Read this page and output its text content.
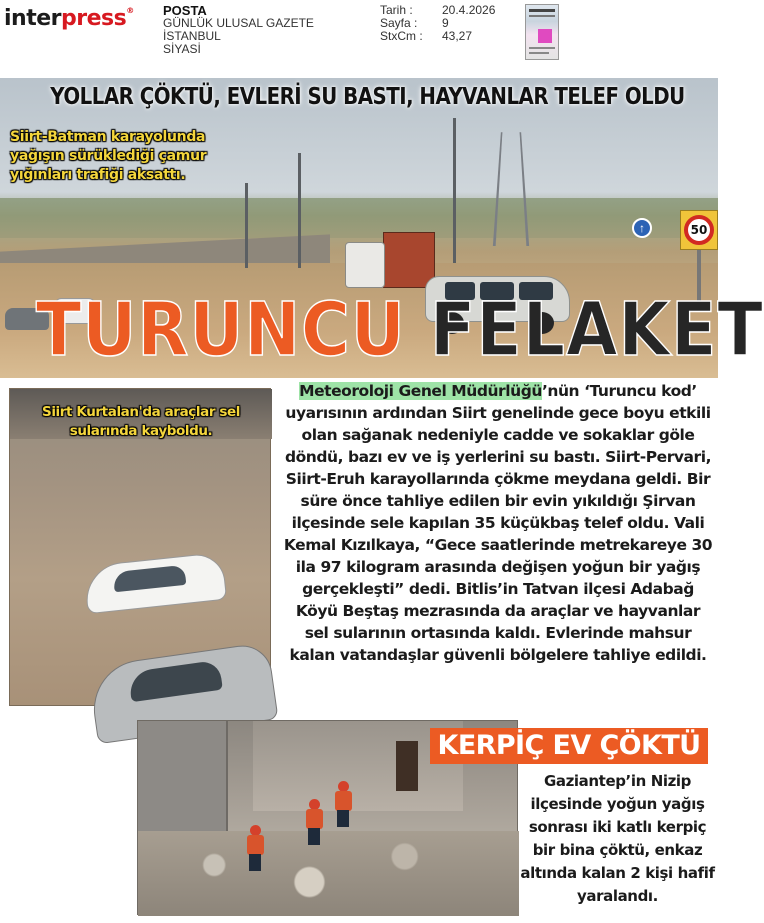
interpress® POSTA
GÜNLÜK ULUSAL GAZETE
İSTANBUL
SİYASİ
Tarih :	20.4.2026
Sayfa :	9
StxCm :	43,27
↑	50
YOLLAR ÇÖKTÜ, EVLERİ SU BASTI, HAYVANLAR TELEF OLDU
Siirt-Batman karayolunda yağışın sürüklediği çamur yığınları trafiği aksattı.
TURUNCU FELAKET
Siirt Kurtalan'da araçlar sel sularında kayboldu.
Meteoroloji Genel Müdürlüğü’nün ‘Turuncu kod’ uyarısının ardından Siirt genelinde gece boyu etkili olan sağanak nedeniyle cadde ve sokaklar göle döndü, bazı ev ve iş yerlerini su bastı. Siirt-Pervari, Siirt-Eruh karayollarında çökme meydana geldi. Bir süre önce tahliye edilen bir evin yıkıldığı Şirvan ilçesinde sele kapılan 35 küçükbaş telef oldu. Vali Kemal Kızılkaya, “Gece saatlerinde metrekareye 30 ila 97 kilogram arasında değişen yoğun bir yağış gerçekleşti” dedi. Bitlis’in Tatvan ilçesi Adabağ Köyü Beştaş mezrasında da araçlar ve hayvanlar sel sularının ortasında kaldı. Evlerinde mahsur kalan vatandaşlar güvenli bölgelere tahliye edildi.
KERPİÇ EV ÇÖKTÜ
Gaziantep’in Nizip ilçesinde yoğun yağış sonrası iki katlı kerpiç bir bina çöktü, enkaz altında kalan 2 kişi hafif yaralandı.
